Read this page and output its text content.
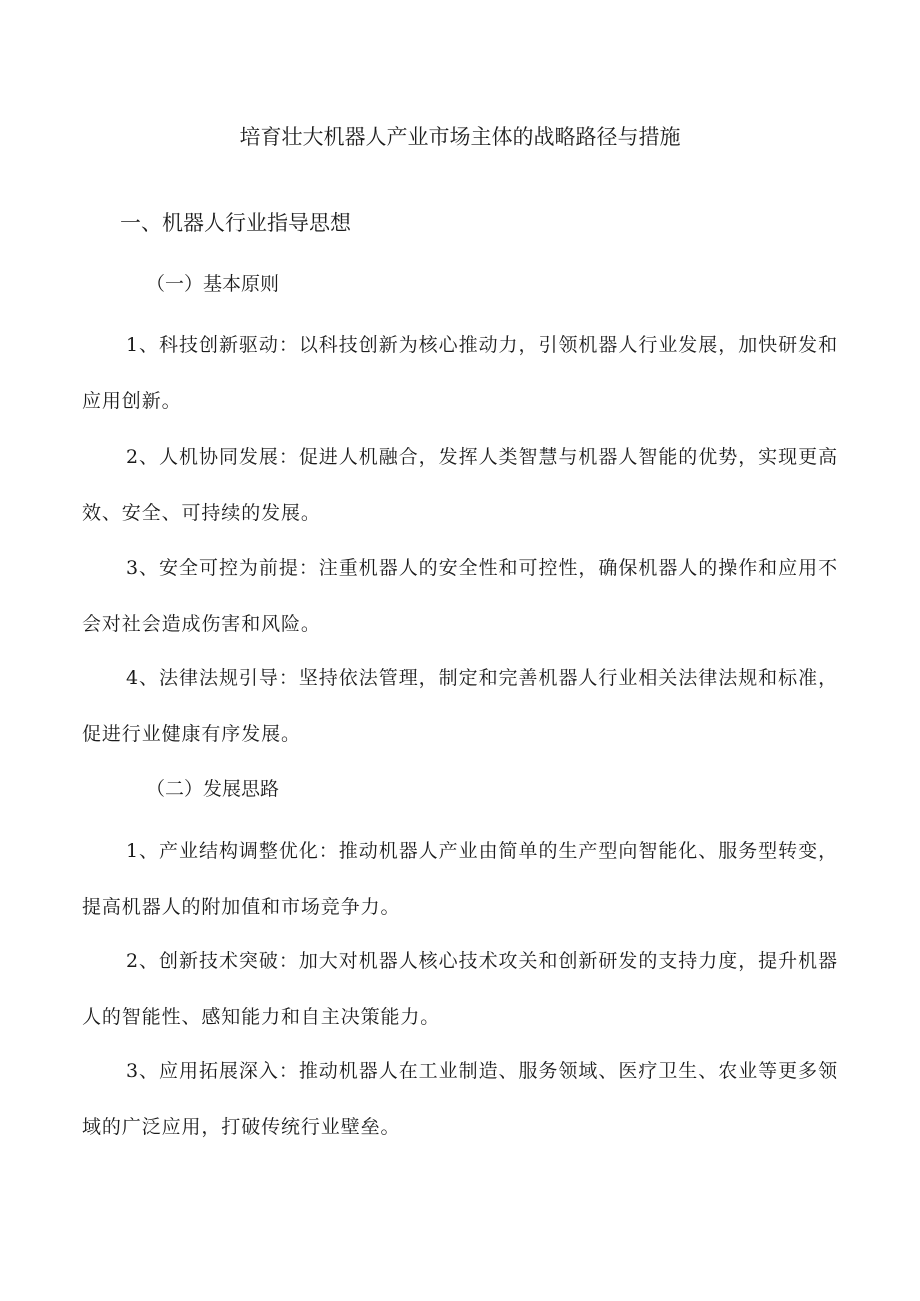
培育壮大机器人产业市场主体的战略路径与措施
一、机器人行业指导思想
（一）基本原则

1、科技创新驱动：以科技创新为核心推动力，引领机器人行业发展，加快研发和应用创新。

2、人机协同发展：促进人机融合，发挥人类智慧与机器人智能的优势，实现更高效、安全、可持续的发展。

3、安全可控为前提：注重机器人的安全性和可控性，确保机器人的操作和应用不会对社会造成伤害和风险。

4、法律法规引导：坚持依法管理，制定和完善机器人行业相关法律法规和标准，促进行业健康有序发展。

（二）发展思路

1、产业结构调整优化：推动机器人产业由简单的生产型向智能化、服务型转变，提高机器人的附加值和市场竞争力。

2、创新技术突破：加大对机器人核心技术攻关和创新研发的支持力度，提升机器人的智能性、感知能力和自主决策能力。

3、应用拓展深入：推动机器人在工业制造、服务领域、医疗卫生、农业等更多领域的广泛应用，打破传统行业壁垒。
